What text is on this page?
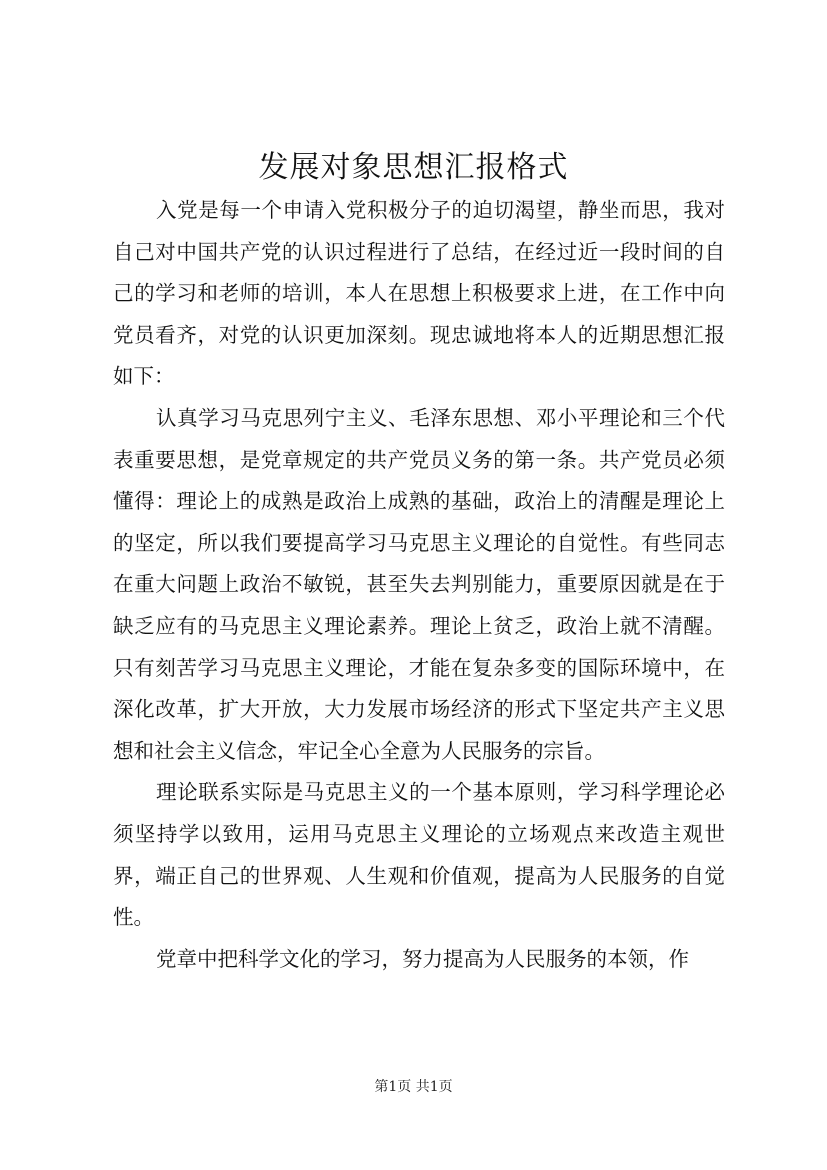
发展对象思想汇报格式

入党是每一个申请入党积极分子的迫切渴望，静坐而思，我对自己对中国共产党的认识过程进行了总结，在经过近一段时间的自己的学习和老师的培训，本人在思想上积极要求上进，在工作中向党员看齐，对党的认识更加深刻。现忠诚地将本人的近期思想汇报如下：

认真学习马克思列宁主义、毛泽东思想、邓小平理论和三个代表重要思想，是党章规定的共产党员义务的第一条。共产党员必须懂得：理论上的成熟是政治上成熟的基础，政治上的清醒是理论上的坚定，所以我们要提高学习马克思主义理论的自觉性。有些同志在重大问题上政治不敏锐，甚至失去判别能力，重要原因就是在于缺乏应有的马克思主义理论素养。理论上贫乏，政治上就不清醒。只有刻苦学习马克思主义理论，才能在复杂多变的国际环境中，在深化改革，扩大开放，大力发展市场经济的形式下坚定共产主义思想和社会主义信念，牢记全心全意为人民服务的宗旨。

理论联系实际是马克思主义的一个基本原则，学习科学理论必须坚持学以致用，运用马克思主义理论的立场观点来改造主观世界，端正自己的世界观、人生观和价值观，提高为人民服务的自觉性。

党章中把科学文化的学习，努力提高为人民服务的本领，作

第1页 共1页
